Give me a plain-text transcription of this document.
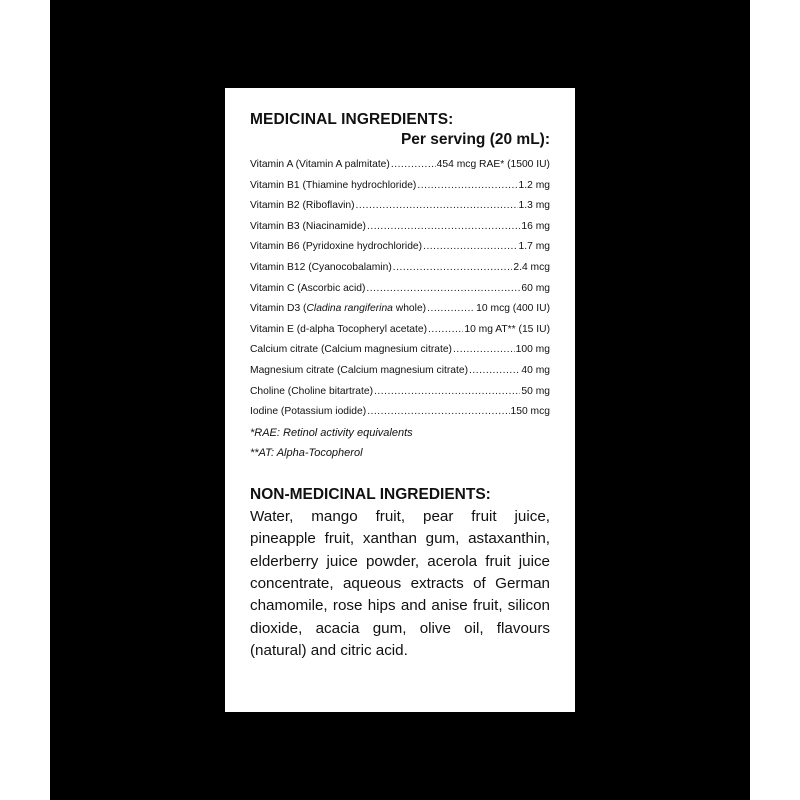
MEDICINAL INGREDIENTS:

Per serving (20 mL):

Vitamin A (Vitamin A palmitate) .....	454 mcg RAE* (1500 IU)
Vitamin B1 (Thiamine hydrochloride) .....	1.2 mg
Vitamin B2 (Riboflavin) .....	1.3 mg
Vitamin B3 (Niacinamide) .....	16 mg
Vitamin B6 (Pyridoxine hydrochloride) .....	1.7 mg
Vitamin B12 (Cyanocobalamin) .....	2.4 mcg
Vitamin C (Ascorbic acid) .....	60 mg
Vitamin D3 (Cladina rangiferina whole) .....	10 mcg (400 IU)
Vitamin E (d-alpha Tocopheryl acetate) .....	10 mg AT** (15 IU)
Calcium citrate (Calcium magnesium citrate) .....	100 mg
Magnesium citrate (Calcium magnesium citrate) .....	40 mg
Choline (Choline bitartrate) .....	50 mg
Iodine (Potassium iodide) .....	150 mcg

*RAE: Retinol activity equivalents

**AT: Alpha-Tocopherol

NON-MEDICINAL INGREDIENTS:

Water, mango fruit, pear fruit juice, pineapple fruit, xanthan gum, astaxanthin, elderberry juice powder, acerola fruit juice concentrate, aqueous extracts of German chamomile, rose hips and anise fruit, silicon dioxide, acacia gum, olive oil, flavours (natural) and citric acid.
